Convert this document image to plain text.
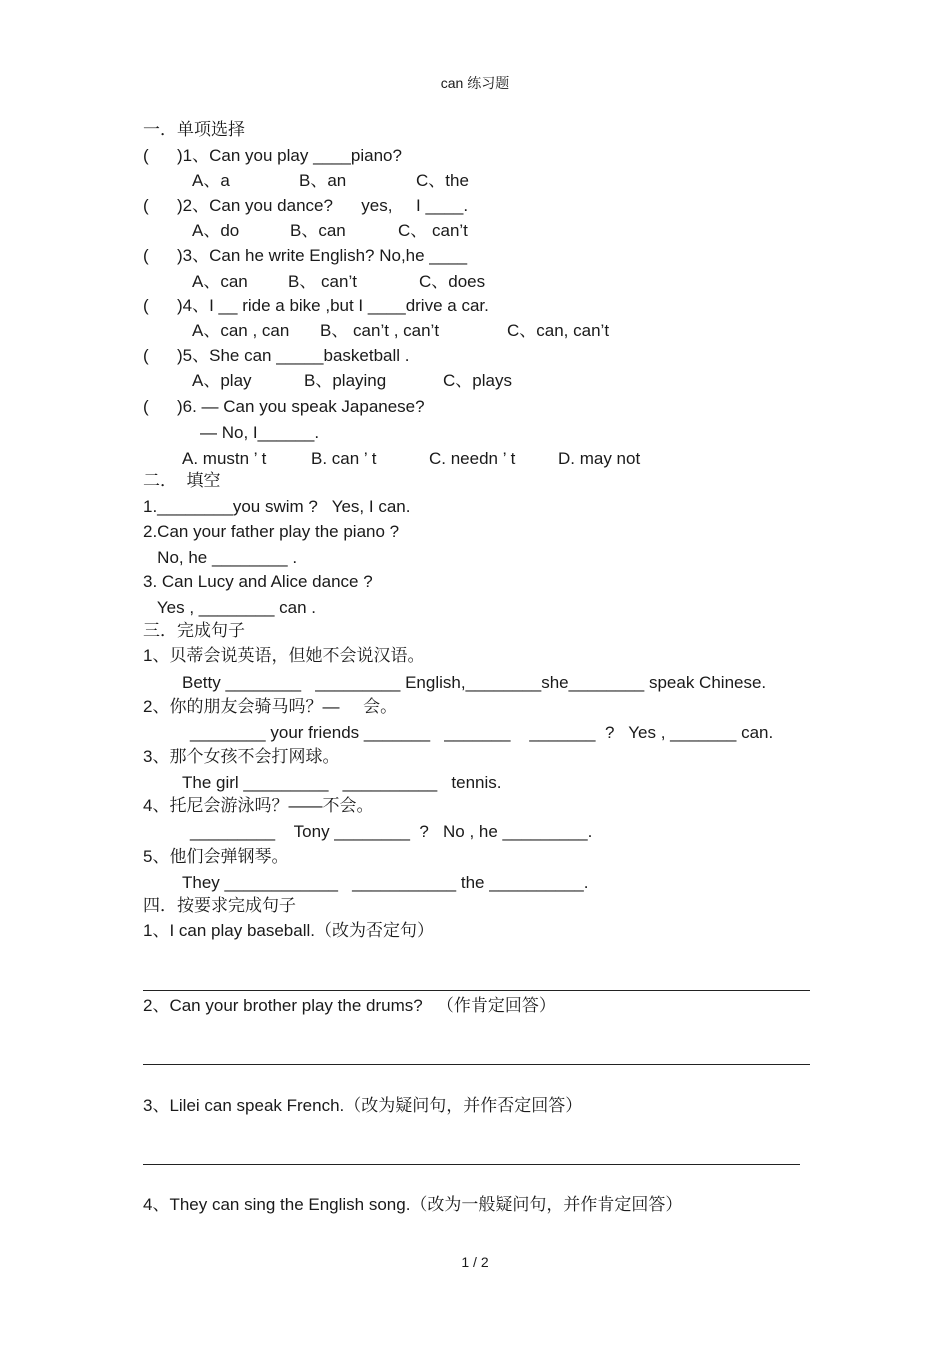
can 练习题
一．单项选择
(      )1、Can you play ____piano?
A、a	B、an	C、the
(      )2、Can you dance?      yes,     I ____.
A、do	B、can	C、 can’t
(      )3、Can he write English? No,he ____
A、can B、 can’t	C、does
(      )4、I __ ride a bike ,but I ____drive a car.
A、can , can B、 can’t , can’t	C、can, can’t
(      )5、She can _____basketball .
A、play	B、playing	C、plays
(      )6. — Can you speak Japanese?
— No, I______.
A. mustn ’ t	B. can ’ t	C. needn ’ t	D. may not
二．  填空
1.________you swim ?   Yes, I can.
2.Can your father play the piano ?
No, he ________ .
3. Can Lucy and Alice dance ?
Yes , ________ can .
三．完成句子
1、贝蒂会说英语，但她不会说汉语。
Betty ________   _________ English,________she________ speak Chinese.
2、你的朋友会骑马吗？—     会。
________ your friends _______   _______    _______  ?   Yes , _______ can.
3、那个女孩不会打网球。
The girl _________   __________   tennis.
4、托尼会游泳吗？——不会。
_________    Tony ________  ?   No , he _________.
5、他们会弹钢琴。
They ____________   ___________ the __________.
四．按要求完成句子
1、I can play baseball.（改为否定句）
2、Can your brother play the drums?   （作肯定回答）
3、Lilei can speak French.（改为疑问句，并作否定回答）
4、They can sing the English song.（改为一般疑问句，并作肯定回答）
1 / 2
